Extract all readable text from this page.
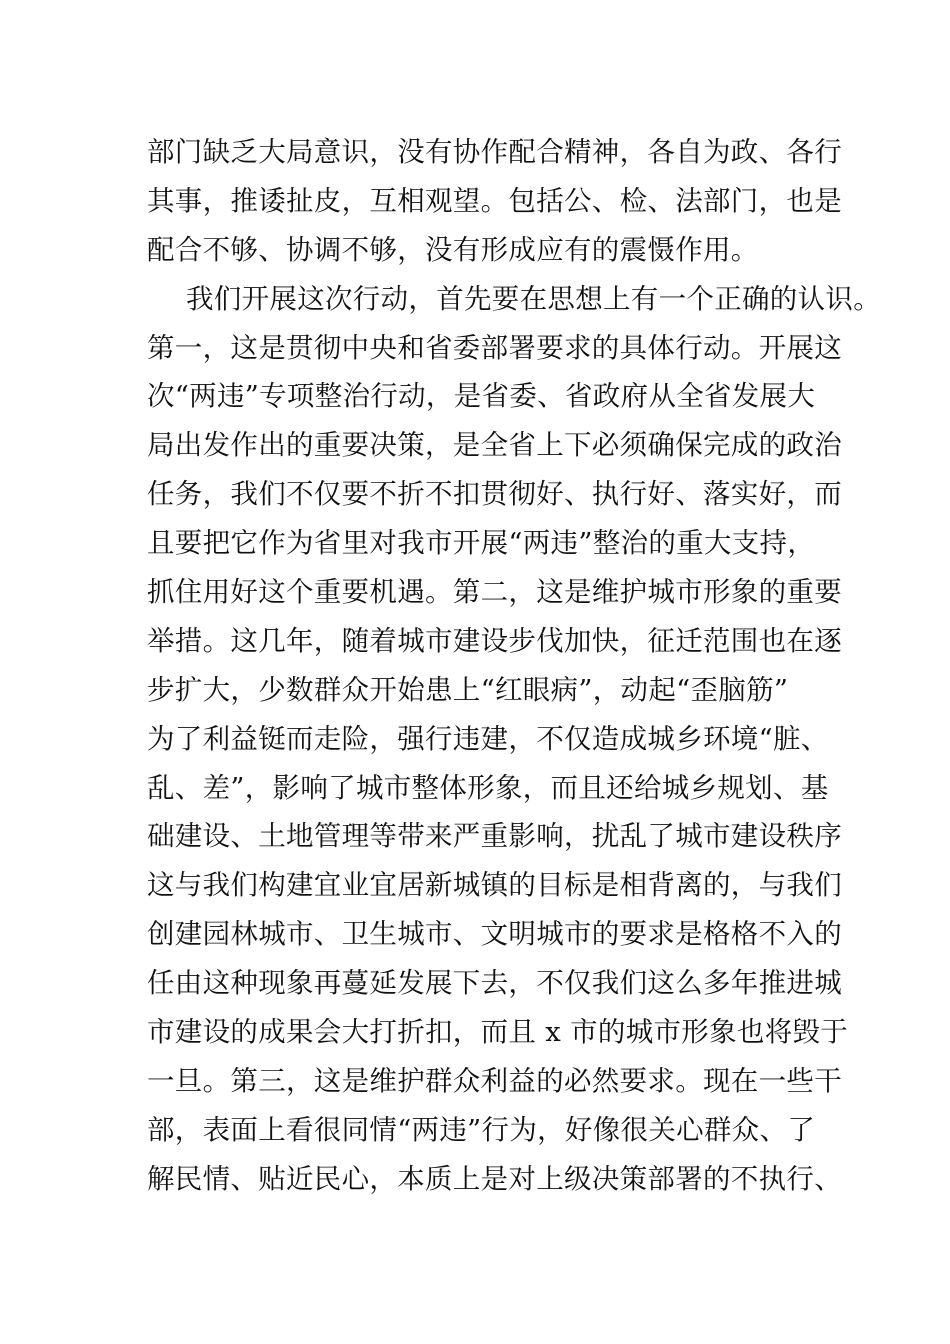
部门缺乏大局意识，没有协作配合精神，各自为政、各行
其事，推诿扯皮，互相观望。包括公、检、法部门，也是
配合不够、协调不够，没有形成应有的震慑作用。
我们开展这次行动，首先要在思想上有一个正确的认识。
第一，这是贯彻中央和省委部署要求的具体行动。开展这
次“两违”专项整治行动，是省委、省政府从全省发展大
局出发作出的重要决策，是全省上下必须确保完成的政治
任务，我们不仅要不折不扣贯彻好、执行好、落实好，而
且要把它作为省里对我市开展“两违”整治的重大支持，
抓住用好这个重要机遇。第二，这是维护城市形象的重要
举措。这几年，随着城市建设步伐加快，征迁范围也在逐
步扩大，少数群众开始患上“红眼病”，动起“歪脑筋”
为了利益铤而走险，强行违建，不仅造成城乡环境“脏、
乱、差”，影响了城市整体形象，而且还给城乡规划、基
础建设、土地管理等带来严重影响，扰乱了城市建设秩序
这与我们构建宜业宜居新城镇的目标是相背离的，与我们
创建园林城市、卫生城市、文明城市的要求是格格不入的
任由这种现象再蔓延发展下去，不仅我们这么多年推进城
市建设的成果会大打折扣，而且 x 市的城市形象也将毁于
一旦。第三，这是维护群众利益的必然要求。现在一些干
部，表面上看很同情“两违”行为，好像很关心群众、了
解民情、贴近民心，本质上是对上级决策部署的不执行、
